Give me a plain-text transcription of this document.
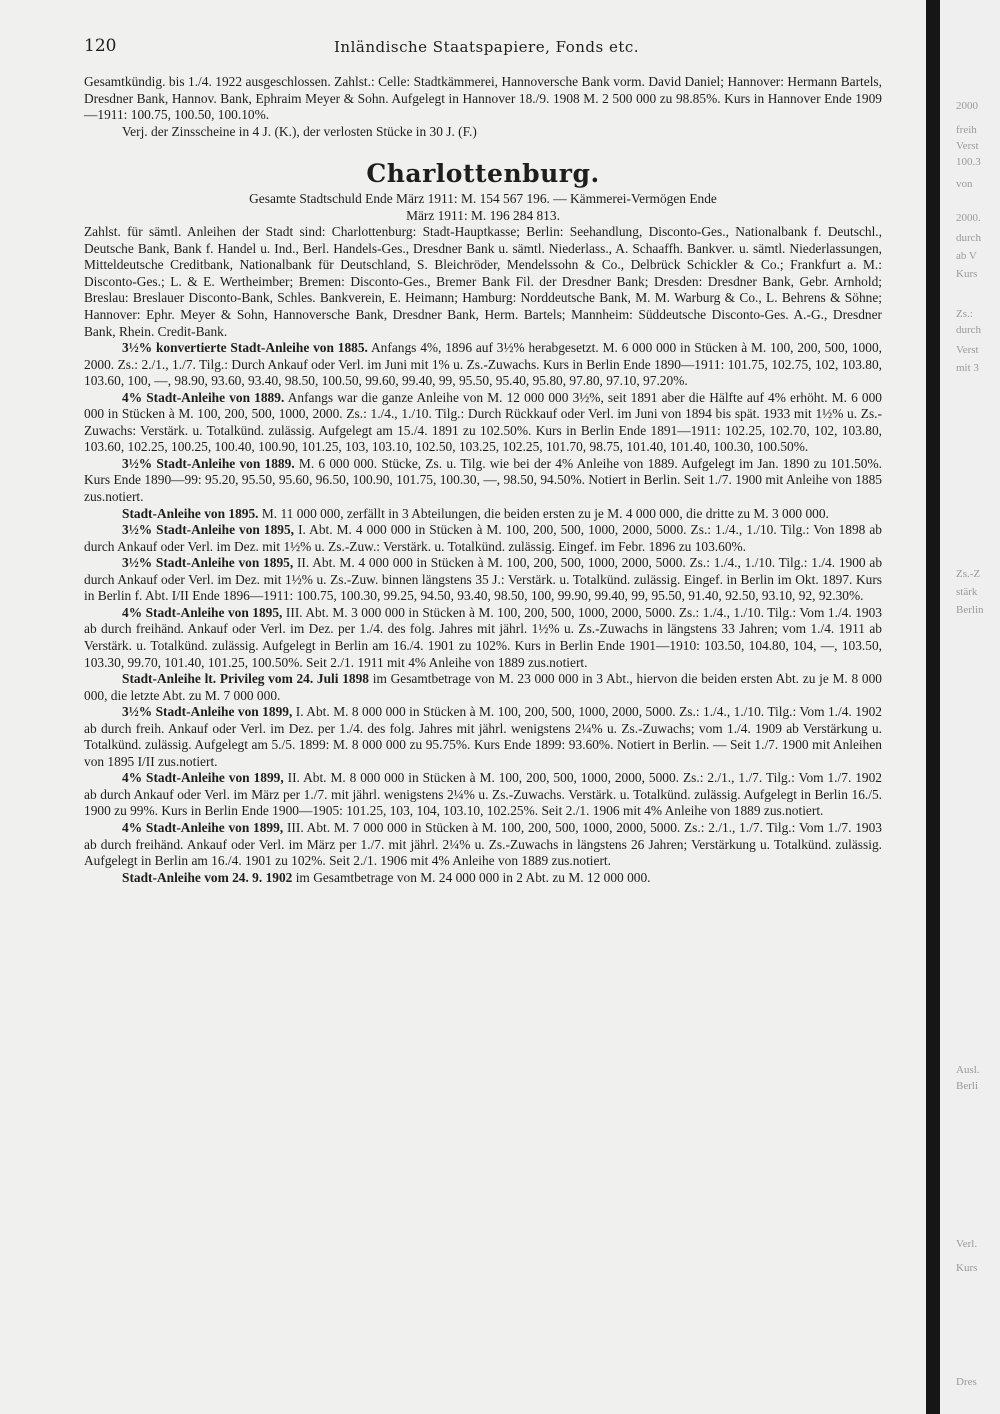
120	Inländische Staatspapiere, Fonds etc.

Gesamtkündig. bis 1./4. 1922 ausgeschlossen. Zahlst.: Celle: Stadtkämmerei, Hannoversche Bank vorm. David Daniel; Hannover: Hermann Bartels, Dresdner Bank, Hannov. Bank, Ephraim Meyer & Sohn. Aufgelegt in Hannover 18./9. 1908 M. 2 500 000 zu 98.85%. Kurs in Hannover Ende 1909—1911: 100.75, 100.50, 100.10%.

Verj. der Zinsscheine in 4 J. (K.), der verlosten Stücke in 30 J. (F.)

Charlottenburg.

Gesamte Stadtschuld Ende März 1911: M. 154 567 196. — Kämmerei-Vermögen Ende

März 1911: M. 196 284 813.

Zahlst. für sämtl. Anleihen der Stadt sind: Charlottenburg: Stadt-Hauptkasse; Berlin: Seehandlung, Disconto-Ges., Nationalbank f. Deutschl., Deutsche Bank, Bank f. Handel u. Ind., Berl. Handels-Ges., Dresdner Bank u. sämtl. Niederlass., A. Schaaffh. Bankver. u. sämtl. Niederlassungen, Mitteldeutsche Creditbank, Nationalbank für Deutschland, S. Bleichröder, Mendelssohn & Co., Delbrück Schickler & Co.; Frankfurt a. M.: Disconto-Ges.; L. & E. Wertheimber; Bremen: Disconto-Ges., Bremer Bank Fil. der Dresdner Bank; Dresden: Dresdner Bank, Gebr. Arnhold; Breslau: Breslauer Disconto-Bank, Schles. Bankverein, E. Heimann; Hamburg: Norddeutsche Bank, M. M. Warburg & Co., L. Behrens & Söhne; Hannover: Ephr. Meyer & Sohn, Hannoversche Bank, Dresdner Bank, Herm. Bartels; Mannheim: Süddeutsche Disconto-Ges. A.-G., Dresdner Bank, Rhein. Credit-Bank.

3½% konvertierte Stadt-Anleihe von 1885. Anfangs 4%, 1896 auf 3½% herabgesetzt. M. 6 000 000 in Stücken à M. 100, 200, 500, 1000, 2000. Zs.: 2./1., 1./7. Tilg.: Durch Ankauf oder Verl. im Juni mit 1% u. Zs.-Zuwachs. Kurs in Berlin Ende 1890—1911: 101.75, 102.75, 102, 103.80, 103.60, 100, —, 98.90, 93.60, 93.40, 98.50, 100.50, 99.60, 99.40, 99, 95.50, 95.40, 95.80, 97.80, 97.10, 97.20%.

4% Stadt-Anleihe von 1889. Anfangs war die ganze Anleihe von M. 12 000 000 3½%, seit 1891 aber die Hälfte auf 4% erhöht. M. 6 000 000 in Stücken à M. 100, 200, 500, 1000, 2000. Zs.: 1./4., 1./10. Tilg.: Durch Rückkauf oder Verl. im Juni von 1894 bis spät. 1933 mit 1½% u. Zs.-Zuwachs: Verstärk. u. Totalkünd. zulässig. Aufgelegt am 15./4. 1891 zu 102.50%. Kurs in Berlin Ende 1891—1911: 102.25, 102.70, 102, 103.80, 103.60, 102.25, 100.25, 100.40, 100.90, 101.25, 103, 103.10, 102.50, 103.25, 102.25, 101.70, 98.75, 101.40, 101.40, 100.30, 100.50%.

3½% Stadt-Anleihe von 1889. M. 6 000 000. Stücke, Zs. u. Tilg. wie bei der 4% Anleihe von 1889. Aufgelegt im Jan. 1890 zu 101.50%. Kurs Ende 1890—99: 95.20, 95.50, 95.60, 96.50, 100.90, 101.75, 100.30, —, 98.50, 94.50%. Notiert in Berlin. Seit 1./7. 1900 mit Anleihe von 1885 zus.notiert.

Stadt-Anleihe von 1895. M. 11 000 000, zerfällt in 3 Abteilungen, die beiden ersten zu je M. 4 000 000, die dritte zu M. 3 000 000.

3½% Stadt-Anleihe von 1895, I. Abt. M. 4 000 000 in Stücken à M. 100, 200, 500, 1000, 2000, 5000. Zs.: 1./4., 1./10. Tilg.: Von 1898 ab durch Ankauf oder Verl. im Dez. mit 1½% u. Zs.-Zuw.: Verstärk. u. Totalkünd. zulässig. Eingef. im Febr. 1896 zu 103.60%.

3½% Stadt-Anleihe von 1895, II. Abt. M. 4 000 000 in Stücken à M. 100, 200, 500, 1000, 2000, 5000. Zs.: 1./4., 1./10. Tilg.: 1./4. 1900 ab durch Ankauf oder Verl. im Dez. mit 1½% u. Zs.-Zuw. binnen längstens 35 J.: Verstärk. u. Totalkünd. zulässig. Eingef. in Berlin im Okt. 1897. Kurs in Berlin f. Abt. I/II Ende 1896—1911: 100.75, 100.30, 99.25, 94.50, 93.40, 98.50, 100, 99.90, 99.40, 99, 95.50, 91.40, 92.50, 93.10, 92, 92.30%.

4% Stadt-Anleihe von 1895, III. Abt. M. 3 000 000 in Stücken à M. 100, 200, 500, 1000, 2000, 5000. Zs.: 1./4., 1./10. Tilg.: Vom 1./4. 1903 ab durch freihänd. Ankauf oder Verl. im Dez. per 1./4. des folg. Jahres mit jährl. 1½% u. Zs.-Zuwachs in längstens 33 Jahren; vom 1./4. 1911 ab Verstärk. u. Totalkünd. zulässig. Aufgelegt in Berlin am 16./4. 1901 zu 102%. Kurs in Berlin Ende 1901—1910: 103.50, 104.80, 104, —, 103.50, 103.30, 99.70, 101.40, 101.25, 100.50%. Seit 2./1. 1911 mit 4% Anleihe von 1889 zus.notiert.

Stadt-Anleihe lt. Privileg vom 24. Juli 1898 im Gesamtbetrage von M. 23 000 000 in 3 Abt., hiervon die beiden ersten Abt. zu je M. 8 000 000, die letzte Abt. zu M. 7 000 000.

3½% Stadt-Anleihe von 1899, I. Abt. M. 8 000 000 in Stücken à M. 100, 200, 500, 1000, 2000, 5000. Zs.: 1./4., 1./10. Tilg.: Vom 1./4. 1902 ab durch freih. Ankauf oder Verl. im Dez. per 1./4. des folg. Jahres mit jährl. wenigstens 2¼% u. Zs.-Zuwachs; vom 1./4. 1909 ab Verstärkung u. Totalkünd. zulässig. Aufgelegt am 5./5. 1899: M. 8 000 000 zu 95.75%. Kurs Ende 1899: 93.60%. Notiert in Berlin. — Seit 1./7. 1900 mit Anleihen von 1895 I/II zus.notiert.

4% Stadt-Anleihe von 1899, II. Abt. M. 8 000 000 in Stücken à M. 100, 200, 500, 1000, 2000, 5000. Zs.: 2./1., 1./7. Tilg.: Vom 1./7. 1902 ab durch Ankauf oder Verl. im März per 1./7. mit jährl. wenigstens 2¼% u. Zs.-Zuwachs. Verstärk. u. Totalkünd. zulässig. Aufgelegt in Berlin 16./5. 1900 zu 99%. Kurs in Berlin Ende 1900—1905: 101.25, 103, 104, 103.10, 102.25%. Seit 2./1. 1906 mit 4% Anleihe von 1889 zus.notiert.

4% Stadt-Anleihe von 1899, III. Abt. M. 7 000 000 in Stücken à M. 100, 200, 500, 1000, 2000, 5000. Zs.: 2./1., 1./7. Tilg.: Vom 1./7. 1903 ab durch freihänd. Ankauf oder Verl. im März per 1./7. mit jährl. 2¼% u. Zs.-Zuwachs in längstens 26 Jahren; Verstärkung u. Totalkünd. zulässig. Aufgelegt in Berlin am 16./4. 1901 zu 102%. Seit 2./1. 1906 mit 4% Anleihe von 1889 zus.notiert.

Stadt-Anleihe vom 24. 9. 1902 im Gesamtbetrage von M. 24 000 000 in 2 Abt. zu M. 12 000 000.

2000
freih
Verst
100.3
von
2000.
durch
ab V
Kurs
Zs.:
durch
Verst
mit 3
Zs.-Z
stärk
Berlin
Ausl.
Berli
Verl.
Kurs
Dres
